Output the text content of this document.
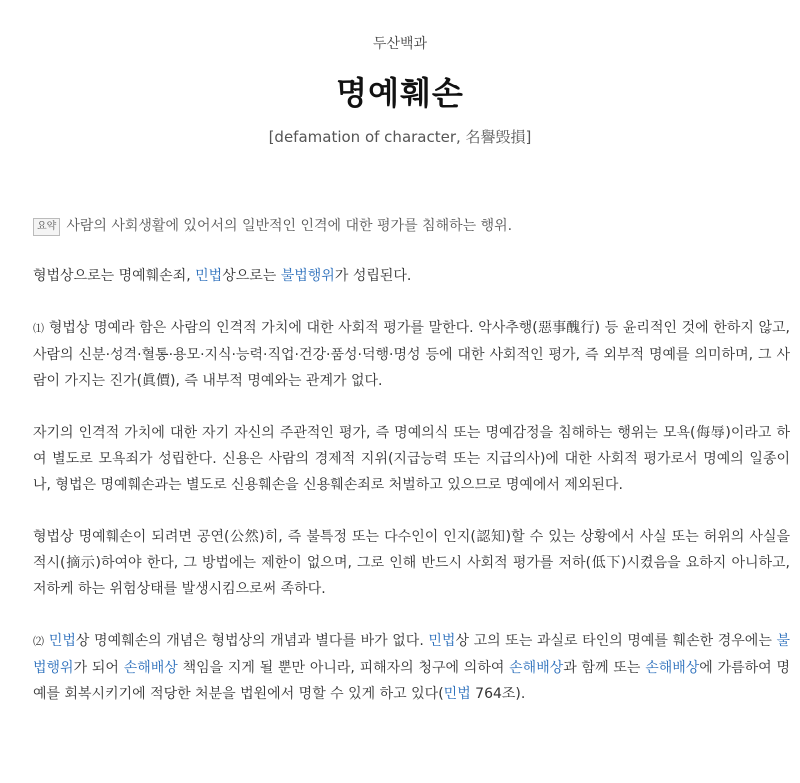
두산백과
명예훼손
[defamation of character, 名譽毁損]
요약 사람의 사회생활에 있어서의 일반적인 인격에 대한 평가를 침해하는 행위.

형법상으로는 명예훼손죄, 민법상으로는 불법행위가 성립된다.

⑴ 형법상 명예라 함은 사람의 인격적 가치에 대한 사회적 평가를 말한다. 악사추행(惡事醜行) 등 윤리적인 것에 한하지 않고, 사람의 신분·성격·혈통·용모·지식·능력·직업·건강·품성·덕행·명성 등에 대한 사회적인 평가, 즉 외부적 명예를 의미하며, 그 사람이 가지는 진가(眞價), 즉 내부적 명예와는 관계가 없다.

자기의 인격적 가치에 대한 자기 자신의 주관적인 평가, 즉 명예의식 또는 명예감정을 침해하는 행위는 모욕(侮辱)이라고 하여 별도로 모욕죄가 성립한다. 신용은 사람의 경제적 지위(지급능력 또는 지급의사)에 대한 사회적 평가로서 명예의 일종이나, 형법은 명예훼손과는 별도로 신용훼손을 신용훼손죄로 처벌하고 있으므로 명예에서 제외된다.

형법상 명예훼손이 되려면 공연(公然)히, 즉 불특정 또는 다수인이 인지(認知)할 수 있는 상황에서 사실 또는 허위의 사실을 적시(摘示)하여야 한다, 그 방법에는 제한이 없으며, 그로 인해 반드시 사회적 평가를 저하(低下)시켰음을 요하지 아니하고, 저하케 하는 위험상태를 발생시킴으로써 족하다.

⑵ 민법상 명예훼손의 개념은 형법상의 개념과 별다를 바가 없다. 민법상 고의 또는 과실로 타인의 명예를 훼손한 경우에는 불법행위가 되어 손해배상 책임을 지게 될 뿐만 아니라, 피해자의 청구에 의하여 손해배상과 함께 또는 손해배상에 가름하여 명예를 회복시키기에 적당한 처분을 법원에서 명할 수 있게 하고 있다(민법 764조).
